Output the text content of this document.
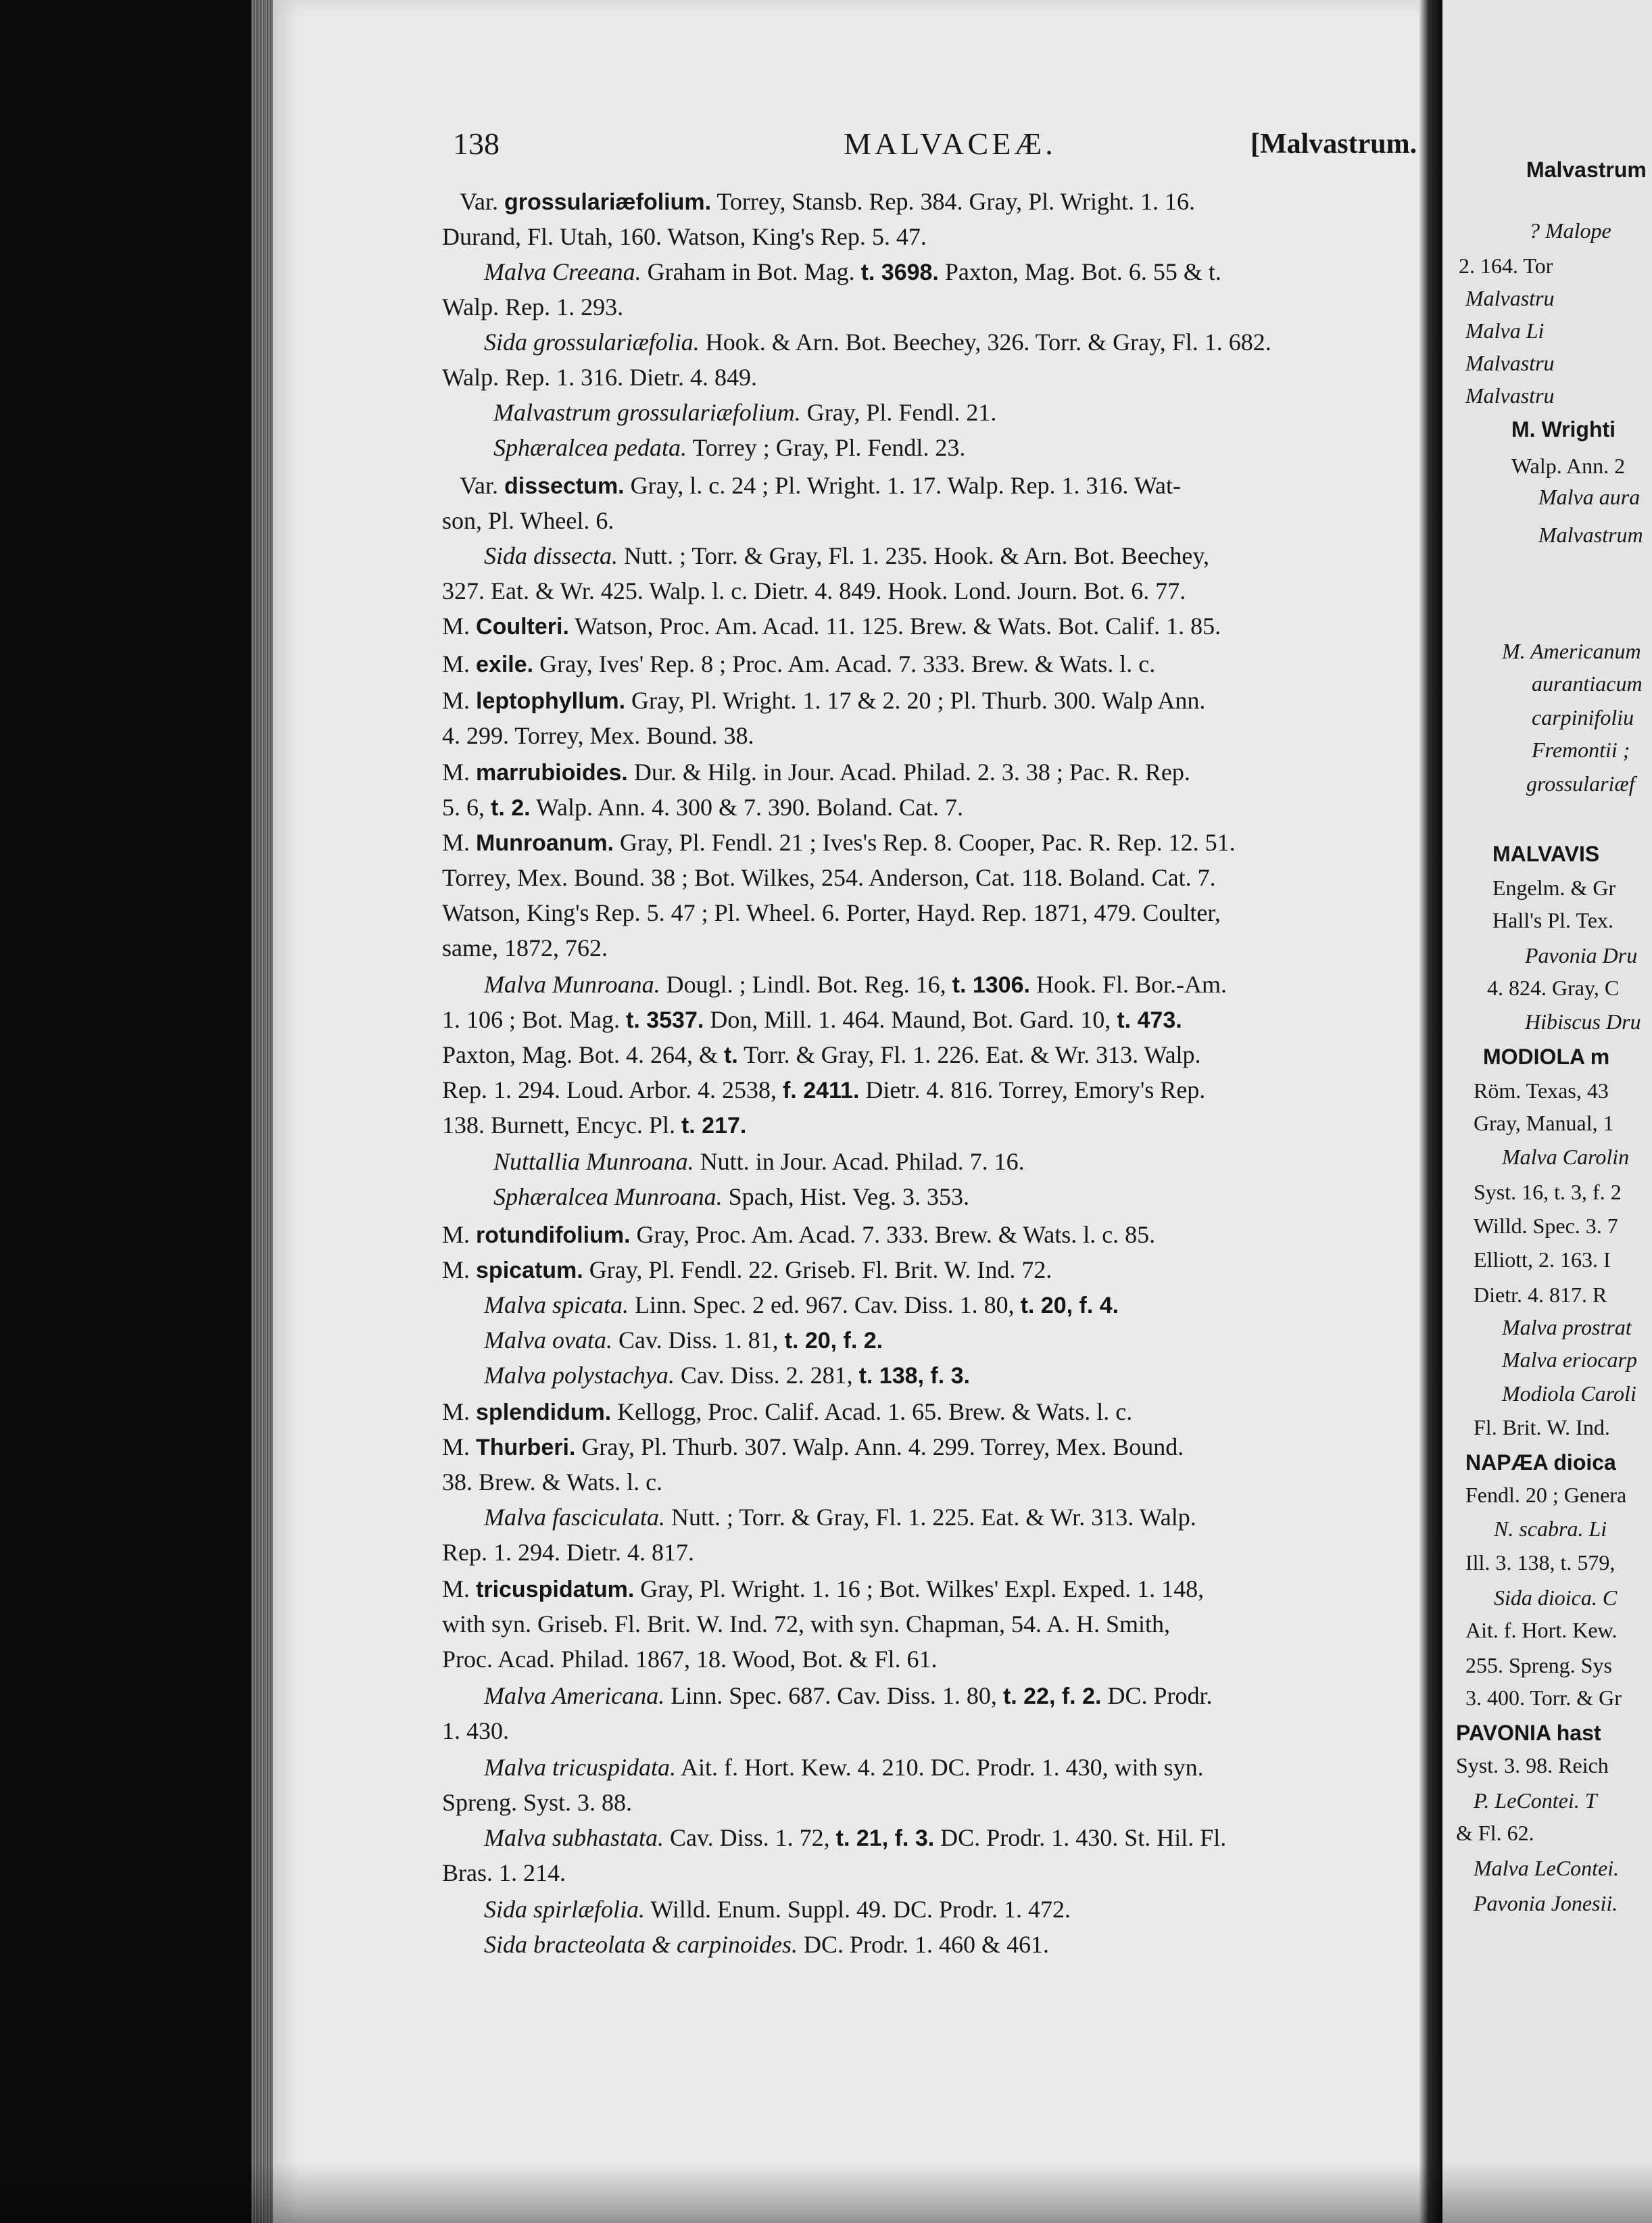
Malvastrum
? Malope
2. 164. Tor
Malvastru
Malva Li
Malvastru
Malvastru
M. Wrighti
Walp. Ann. 2
Malva aura
Malvastrum
M. Americanum
aurantiacum
carpinifoliu
Fremontii ;
grossulariæf
MALVAVIS
Engelm. & Gr
Hall's Pl. Tex.
Pavonia Dru
4. 824. Gray, C
Hibiscus Dru
MODIOLA m
Röm. Texas, 43
Gray, Manual, 1
Malva Carolin
Syst. 16, t. 3, f. 2
Willd. Spec. 3. 7
Elliott, 2. 163. I
Dietr. 4. 817. R
Malva prostrat
Malva eriocarp
Modiola Caroli
Fl. Brit. W. Ind.
NAPÆA dioica
Fendl. 20 ; Genera
N. scabra. Li
Ill. 3. 138, t. 579,
Sida dioica. C
Ait. f. Hort. Kew.
255. Spreng. Sys
3. 400. Torr. & Gr
PAVONIA hast
Syst. 3. 98. Reich
P. LeContei. T
& Fl. 62.
Malva LeContei.
Pavonia Jonesii.
138	MALVACEÆ.	[Malvastrum.
Var. grossulariæfolium. Torrey, Stansb. Rep. 384. Gray, Pl. Wright. 1. 16.
Durand, Fl. Utah, 160. Watson, King's Rep. 5. 47.
Malva Creeana. Graham in Bot. Mag. t. 3698. Paxton, Mag. Bot. 6. 55 & t.
Walp. Rep. 1. 293.
Sida grossulariæfolia. Hook. & Arn. Bot. Beechey, 326. Torr. & Gray, Fl. 1. 682.
Walp. Rep. 1. 316. Dietr. 4. 849.
Malvastrum grossulariæfolium. Gray, Pl. Fendl. 21.
Sphæralcea pedata. Torrey ; Gray, Pl. Fendl. 23.
Var. dissectum. Gray, l. c. 24 ; Pl. Wright. 1. 17. Walp. Rep. 1. 316. Wat-
son, Pl. Wheel. 6.
Sida dissecta. Nutt. ; Torr. & Gray, Fl. 1. 235. Hook. & Arn. Bot. Beechey,
327. Eat. & Wr. 425. Walp. l. c. Dietr. 4. 849. Hook. Lond. Journ. Bot. 6. 77.
M. Coulteri. Watson, Proc. Am. Acad. 11. 125. Brew. & Wats. Bot. Calif. 1. 85.
M. exile. Gray, Ives' Rep. 8 ; Proc. Am. Acad. 7. 333. Brew. & Wats. l. c.
M. leptophyllum. Gray, Pl. Wright. 1. 17 & 2. 20 ; Pl. Thurb. 300. Walp Ann.
4. 299. Torrey, Mex. Bound. 38.
M. marrubioides. Dur. & Hilg. in Jour. Acad. Philad. 2. 3. 38 ; Pac. R. Rep.
5. 6, t. 2. Walp. Ann. 4. 300 & 7. 390. Boland. Cat. 7.
M. Munroanum. Gray, Pl. Fendl. 21 ; Ives's Rep. 8. Cooper, Pac. R. Rep. 12. 51.
Torrey, Mex. Bound. 38 ; Bot. Wilkes, 254. Anderson, Cat. 118. Boland. Cat. 7.
Watson, King's Rep. 5. 47 ; Pl. Wheel. 6. Porter, Hayd. Rep. 1871, 479. Coulter,
same, 1872, 762.
Malva Munroana. Dougl. ; Lindl. Bot. Reg. 16, t. 1306. Hook. Fl. Bor.-Am.
1. 106 ; Bot. Mag. t. 3537. Don, Mill. 1. 464. Maund, Bot. Gard. 10, t. 473.
Paxton, Mag. Bot. 4. 264, & t. Torr. & Gray, Fl. 1. 226. Eat. & Wr. 313. Walp.
Rep. 1. 294. Loud. Arbor. 4. 2538, f. 2411. Dietr. 4. 816. Torrey, Emory's Rep.
138. Burnett, Encyc. Pl. t. 217.
Nuttallia Munroana. Nutt. in Jour. Acad. Philad. 7. 16.
Sphæralcea Munroana. Spach, Hist. Veg. 3. 353.
M. rotundifolium. Gray, Proc. Am. Acad. 7. 333. Brew. & Wats. l. c. 85.
M. spicatum. Gray, Pl. Fendl. 22. Griseb. Fl. Brit. W. Ind. 72.
Malva spicata. Linn. Spec. 2 ed. 967. Cav. Diss. 1. 80, t. 20, f. 4.
Malva ovata. Cav. Diss. 1. 81, t. 20, f. 2.
Malva polystachya. Cav. Diss. 2. 281, t. 138, f. 3.
M. splendidum. Kellogg, Proc. Calif. Acad. 1. 65. Brew. & Wats. l. c.
M. Thurberi. Gray, Pl. Thurb. 307. Walp. Ann. 4. 299. Torrey, Mex. Bound.
38. Brew. & Wats. l. c.
Malva fasciculata. Nutt. ; Torr. & Gray, Fl. 1. 225. Eat. & Wr. 313. Walp.
Rep. 1. 294. Dietr. 4. 817.
M. tricuspidatum. Gray, Pl. Wright. 1. 16 ; Bot. Wilkes' Expl. Exped. 1. 148,
with syn. Griseb. Fl. Brit. W. Ind. 72, with syn. Chapman, 54. A. H. Smith,
Proc. Acad. Philad. 1867, 18. Wood, Bot. & Fl. 61.
Malva Americana. Linn. Spec. 687. Cav. Diss. 1. 80, t. 22, f. 2. DC. Prodr.
1. 430.
Malva tricuspidata. Ait. f. Hort. Kew. 4. 210. DC. Prodr. 1. 430, with syn.
Spreng. Syst. 3. 88.
Malva subhastata. Cav. Diss. 1. 72, t. 21, f. 3. DC. Prodr. 1. 430. St. Hil. Fl.
Bras. 1. 214.
Sida spirlæfolia. Willd. Enum. Suppl. 49. DC. Prodr. 1. 472.
Sida bracteolata & carpinoides. DC. Prodr. 1. 460 & 461.
